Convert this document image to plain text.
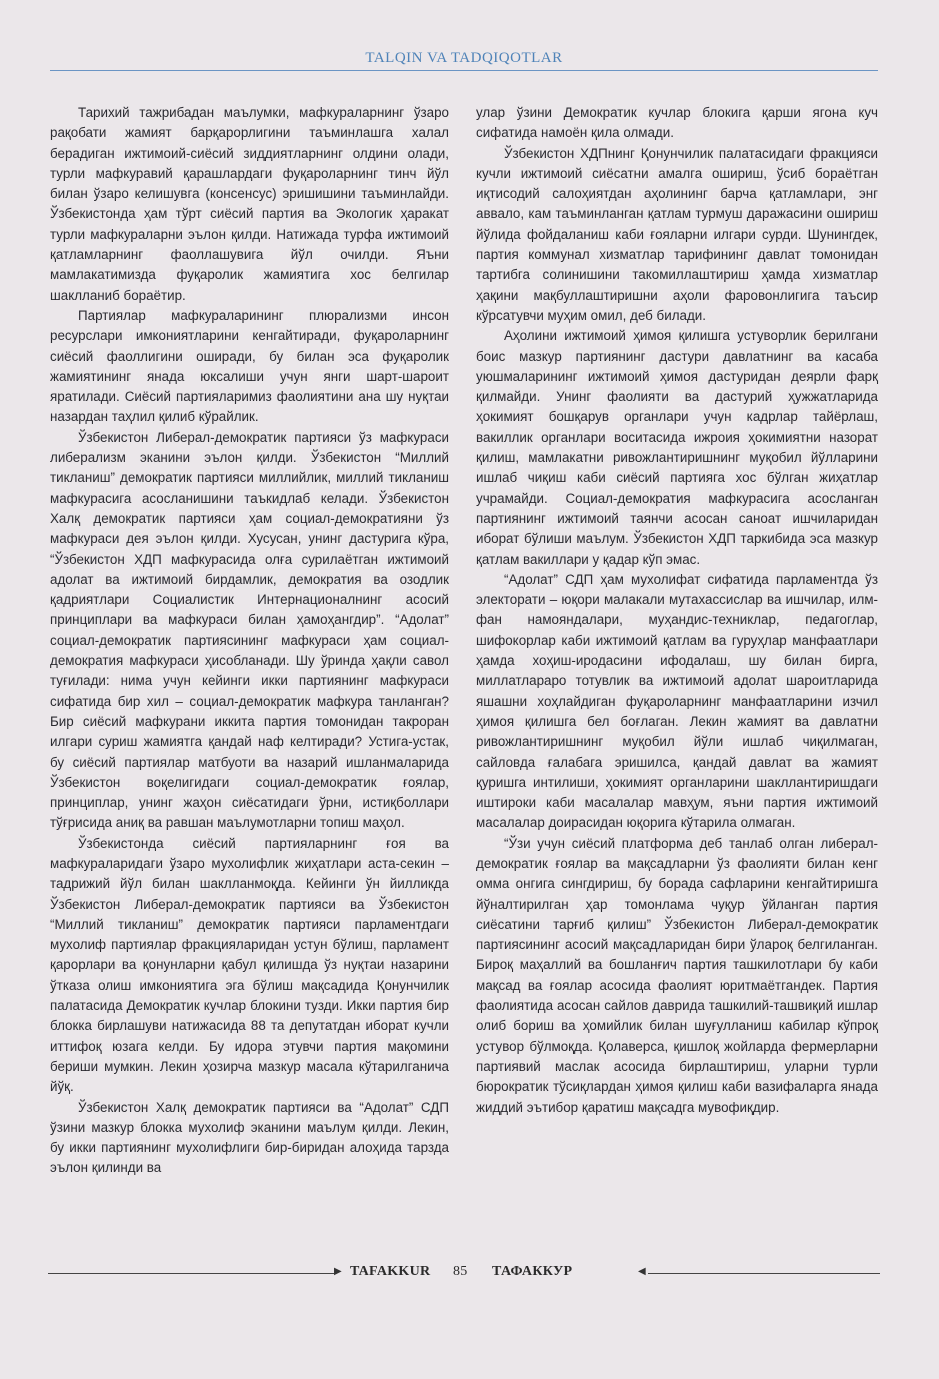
TALQIN VA TADQIQOTLAR

Тарихий тажрибадан маълумки, мафкураларнинг ўзаро рақобати жамият барқарорлигини таъминлашга халал берадиган ижтимоий-сиёсий зиддиятларнинг олдини олади, турли мафкуравий қарашлардаги фуқароларнинг тинч йўл билан ўзаро келишувга (консенсус) эришишини таъминлайди. Ўзбекистонда ҳам тўрт сиёсий партия ва Экологик ҳаракат турли мафкураларни эълон қилди. Натижада турфа ижтимоий қатламларнинг фаоллашувига йўл очилди. Яъни мамлакатимизда фуқаролик жамиятига хос белгилар шаклланиб бораётир.

Партиялар мафкураларининг плюрализми инсон ресурслари имкониятларини кенгайтиради, фуқароларнинг сиёсий фаоллигини оширади, бу билан эса фуқаролик жамиятининг янада юксалиши учун янги шарт-шароит яратилади. Сиёсий партияларимиз фаолиятини ана шу нуқтаи назардан таҳлил қилиб кўрайлик.

Ўзбекистон Либерал-демократик партияси ўз мафкураси либерализм эканини эълон қилди. Ўзбекистон “Миллий тикланиш” демократик партияси миллийлик, миллий тикланиш мафкурасига асосланишини таъкидлаб келади. Ўзбекистон Халқ демократик партияси ҳам социал-демократияни ўз мафкураси дея эълон қилди. Хусусан, унинг дастурига кўра, “Ўзбекистон ХДП мафкурасида олға сурилаётган ижтимоий адолат ва ижтимоий бирдамлик, демократия ва озодлик қадриятлари Социалистик Интернационалнинг асосий принциплари ва мафкураси билан ҳамоҳангдир”. “Адолат” социал-демократик партиясининг мафкураси ҳам социал-демократия мафкураси ҳисобланади. Шу ўринда ҳақли савол туғилади: нима учун кейинги икки партиянинг мафкураси сифатида бир хил – социал-демократик мафкура танланган? Бир сиёсий мафкурани иккита партия томонидан такроран илгари суриш жамиятга қандай наф келтиради? Устига-устак, бу сиёсий партиялар матбуоти ва назарий ишланмаларида Ўзбекистон воқелигидаги социал-демократик ғоялар, принциплар, унинг жаҳон сиёсатидаги ўрни, истиқболлари тўғрисида аниқ ва равшан маълумотларни топиш маҳол.

Ўзбекистонда сиёсий партияларнинг ғоя ва мафкураларидаги ўзаро мухолифлик жиҳатлари аста-секин – тадрижий йўл билан шаклланмоқда. Кейинги ўн йилликда Ўзбекистон Либерал-демократик партияси ва Ўзбекистон “Миллий тикланиш” демократик партияси парламентдаги мухолиф партиялар фракцияларидан устун бўлиш, парламент қарорлари ва қонунларни қабул қилишда ўз нуқтаи назарини ўтказа олиш имкониятига эга бўлиш мақсадида Қонунчилик палатасида Демократик кучлар блокини тузди. Икки партия бир блокка бирлашуви натижасида 88 та депутатдан иборат кучли иттифоқ юзага келди. Бу идора этувчи партия мақомини бериши мумкин. Лекин ҳозирча мазкур масала кўтарилганича йўқ.

Ўзбекистон Халқ демократик партияси ва “Адолат” СДП ўзини мазкур блокка мухолиф эканини маълум қилди. Лекин, бу икки партиянинг мухолифлиги бир-биридан алоҳида тарзда эълон қилинди ва

улар ўзини Демократик кучлар блокига қарши ягона куч сифатида намоён қила олмади.

Ўзбекистон ХДПнинг Қонунчилик палатасидаги фракцияси кучли ижтимоий сиёсатни амалга ошириш, ўсиб бораётган иқтисодий салоҳиятдан аҳолининг барча қатламлари, энг аввало, кам таъминланган қатлам турмуш даражасини ошириш йўлида фойдаланиш каби ғояларни илгари сурди. Шунингдек, партия коммунал хизматлар тарифининг давлат томонидан тартибга солинишини такомиллаштириш ҳамда хизматлар ҳақини мақбуллаштиришни аҳоли фаровонлигига таъсир кўрсатувчи муҳим омил, деб билади.

Аҳолини ижтимоий ҳимоя қилишга устуворлик берилгани боис мазкур партиянинг дастури давлатнинг ва касаба уюшмаларининг ижтимоий ҳимоя дастуридан деярли фарқ қилмайди. Унинг фаолияти ва дастурий ҳужжатларида ҳокимият бошқарув органлари учун кадрлар тайёрлаш, вакиллик органлари воситасида ижроия ҳокимиятни назорат қилиш, мамлакатни ривожлантиришнинг муқобил йўлларини ишлаб чиқиш каби сиёсий партияга хос бўлган жиҳатлар учрамайди. Социал-демократия мафкурасига асосланган партиянинг ижтимоий таянчи асосан саноат ишчиларидан иборат бўлиши маълум. Ўзбекистон ХДП таркибида эса мазкур қатлам вакиллари у қадар кўп эмас.

“Адолат” СДП ҳам мухолифат сифатида парламентда ўз электорати – юқори малакали мутахассислар ва ишчилар, илм-фан намояндалари, муҳандис-техниклар, педагоглар, шифокорлар каби ижтимоий қатлам ва гуруҳлар манфаатлари ҳамда хоҳиш-иродасини ифодалаш, шу билан бирга, миллатлараро тотувлик ва ижтимоий адолат шароитларида яшашни хоҳлайдиган фуқароларнинг манфаатларини изчил ҳимоя қилишга бел боғлаган. Лекин жамият ва давлатни ривожлантиришнинг муқобил йўли ишлаб чиқилмаган, сайловда ғалабага эришилса, қандай давлат ва жамият қуришга интилиши, ҳокимият органларини шакллантиришдаги иштироки каби масалалар мавҳум, яъни партия ижтимоий масалалар доирасидан юқорига кўтарила олмаган.

“Ўзи учун сиёсий платформа деб танлаб олган либерал-демократик ғоялар ва мақсадларни ўз фаолияти билан кенг омма онгига сингдириш, бу борада сафларини кенгайтиришга йўналтирилган ҳар томонлама чуқур ўйланган партия сиёсатини тарғиб қилиш” Ўзбекистон Либерал-демократик партиясининг асосий мақсадларидан бири ўлароқ белгиланган. Бироқ маҳаллий ва бошланғич партия ташкилотлари бу каби мақсад ва ғоялар асосида фаолият юритмаётгандек. Партия фаолиятида асосан сайлов даврида ташкилий-ташвиқий ишлар олиб бориш ва ҳомийлик билан шуғулланиш кабилар кўпроқ устувор бўлмоқда. Қолаверса, қишлоқ жойларда фермерларни партиявий маслак асосида бирлаштириш, уларни турли бюрократик тўсиқлардан ҳимоя қилиш каби вазифаларга янада жиддий эътибор қаратиш мақсадга мувофиқдир.

▶ TAFAKKUR 85 ТАФАККУР	◀
